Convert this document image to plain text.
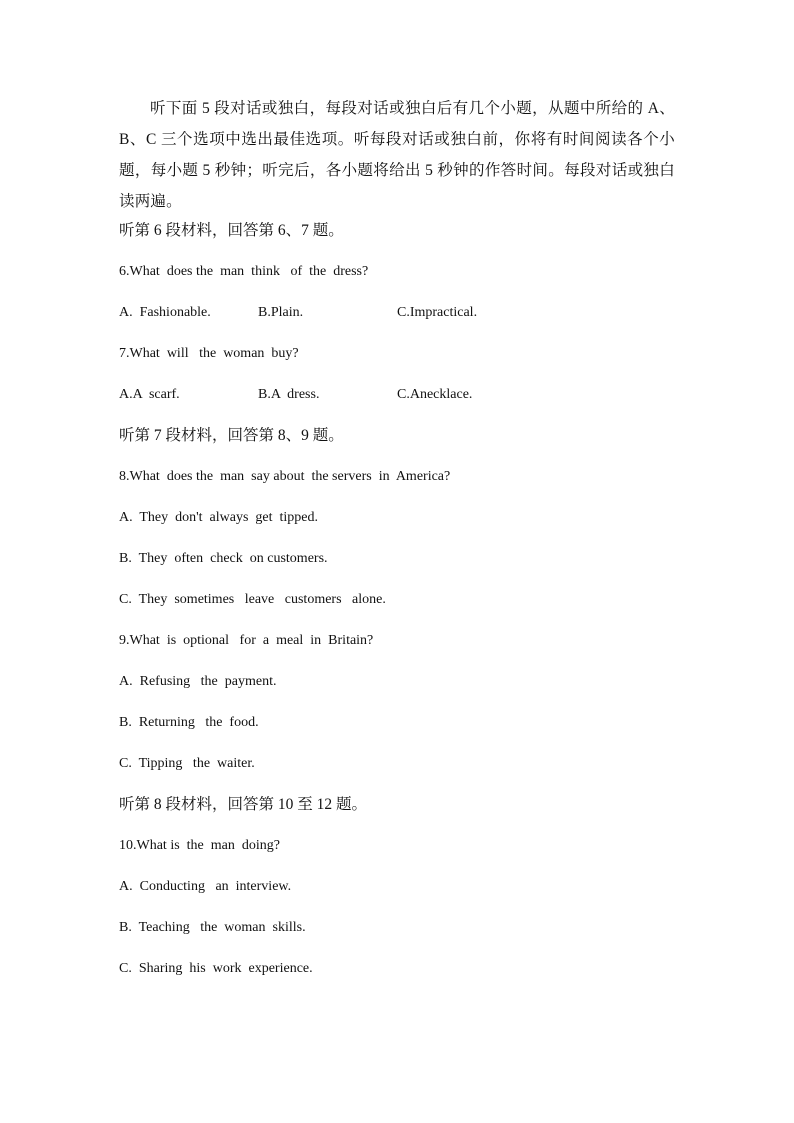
听下面 5 段对话或独白，每段对话或独白后有几个小题，从题中所给的 A、B、C 三个选项中选出最佳选项。听每段对话或独白前，你将有时间阅读各个小题，每小题 5 秒钟；听完后，各小题将给出 5 秒钟的作答时间。每段对话或独白读两遍。

听第 6 段材料，回答第 6、7 题。

6.What  does the  man  think   of  the  dress?

A.  Fashionable.	B.Plain.	C.Impractical.

7.What  will   the  woman  buy?

A.A  scarf.	B.A  dress.	C.Anecklace.

听第 7 段材料，回答第 8、9 题。

8.What  does the  man  say about  the servers  in  America?

A.  They  don't  always  get  tipped.

B.  They  often  check  on customers.

C.  They  sometimes   leave   customers   alone.

9.What  is  optional   for  a  meal  in  Britain?

A.  Refusing   the  payment.

B.  Returning   the  food.

C.  Tipping   the  waiter.

听第 8 段材料，回答第 10 至 12 题。

10.What is  the  man  doing?

A.  Conducting   an  interview.

B.  Teaching   the  woman  skills.

C.  Sharing  his  work  experience.
